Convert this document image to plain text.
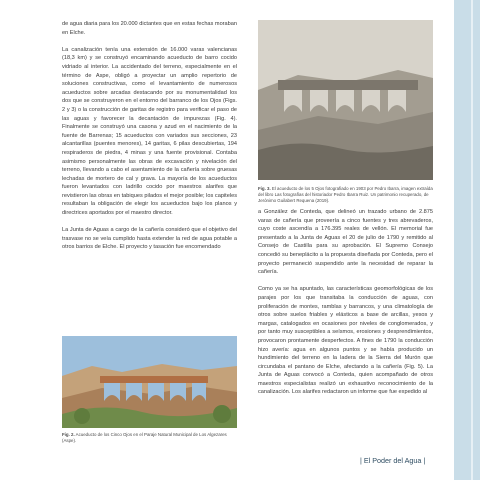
de agua diaria para los 20.000 dictantes que en estas fechas moraban en Elche.

La canalización tenía una extensión de 16.000 varas valencianas (18,3 km) y se construyó encaminando acueducto de barro cocido vidriado al interior. La accidentado del terreno, especialmente en el término de Aspe, obligó a proyectar un amplio repertorio de soluciones constructivas, como el levantamiento de numerosos acueductos sobre arcadas destacando por su monumentalidad los dos que se construyeron en el entorno del barranco de los Ojos (Figs. 2 y 3) o la construcción de garitas de registro para verificar el paso de las aguas y favorecer la decantación de impurezas (Fig. 4). Finalmente se construyó una casona y azud en el nacimiento de la fuente de Barrenas; 15 acueductos con variados sus secciones, 23 alcantarillas (puentes menores), 14 garitas, 6 pilas descubiertas, 194 respiraderos de piedra, 4 minas y una fuente provisional. Contaba asimismo personalmente las obras de excavación y nivelación del terreno, llevando a cabo el asentamiento de la cañería sobre gruesas lechadas de mortero de cal y grava. La mayoría de los acueductos fueron levantados con ladrillo cocido por maestros alarifes que revistieron las obras en tabiques pilados el mejor posible; los capiteles resultaban la obligación de elegir los acueductos bajo los planos y directrices aportados por el maestro director.

La Junta de Aguas a cargo de la cañería consideró que el objetivo del trasvase no se veía cumplido hasta extender la red de agua potable a otros barrios de Elche. El proyecto y tasación fue encomendado

Fig. 3. El acueducto de los 5 Ojos fotografiado en 1903 por Pedro Ibarra, imagen extraída del libro Las fotografías del historiador Pedro Ibarra Ruiz. Un patrimonio recuperado, de Jerónimo Guilabert Requena (2019).
Fig. 2. Acueducto de los Cinco Ojos en el Paraje Natural Municipal de Los Algezares (Aspe).

a González de Conteda, que delineó un trazado urbano de 2.875 varas de cañería que proveería a cinco fuentes y tres abrevaderos, cuyo coste ascendía a 176.395 reales de vellón. El memorial fue presentado a la Junta de Aguas el 20 de julio de 1790 y remitido al Consejo de Castilla para su aprobación. El Supremo Consejo concedió su beneplácito a la propuesta diseñada por Conteda, pero el proyecto permaneció suspendido ante la necesidad de reparar la cañería.

Como ya se ha apuntado, las características geomorfológicas de los parajes por los que transitaba la conducción de aguas, con proliferación de montes, ramblas y barrancos, y una climatología de otros sobre suelos friables y elásticos a base de arcillas, yesos y margas, catalogados en ocasiones por niveles de conglomerados, y por tanto muy susceptibles a seísmos, erosiones y desprendimientos, provocaron prontamente desperfectos. A fines de 1790 la conducción hizo avería: agua en algunos puntos y se había producido un hundimiento del terreno en la ladera de la Sierra del Murón que circundaba el pantano de Elche, afectando a la cañería (Fig. 5). La Junta de Aguas convocó a Conteda, quien acompañado de otros maestros especialistas realizó un exhaustivo reconocimiento de la canalización. Los alarifes redactaron un informe que fue expedido al

| El Poder del Agua |
